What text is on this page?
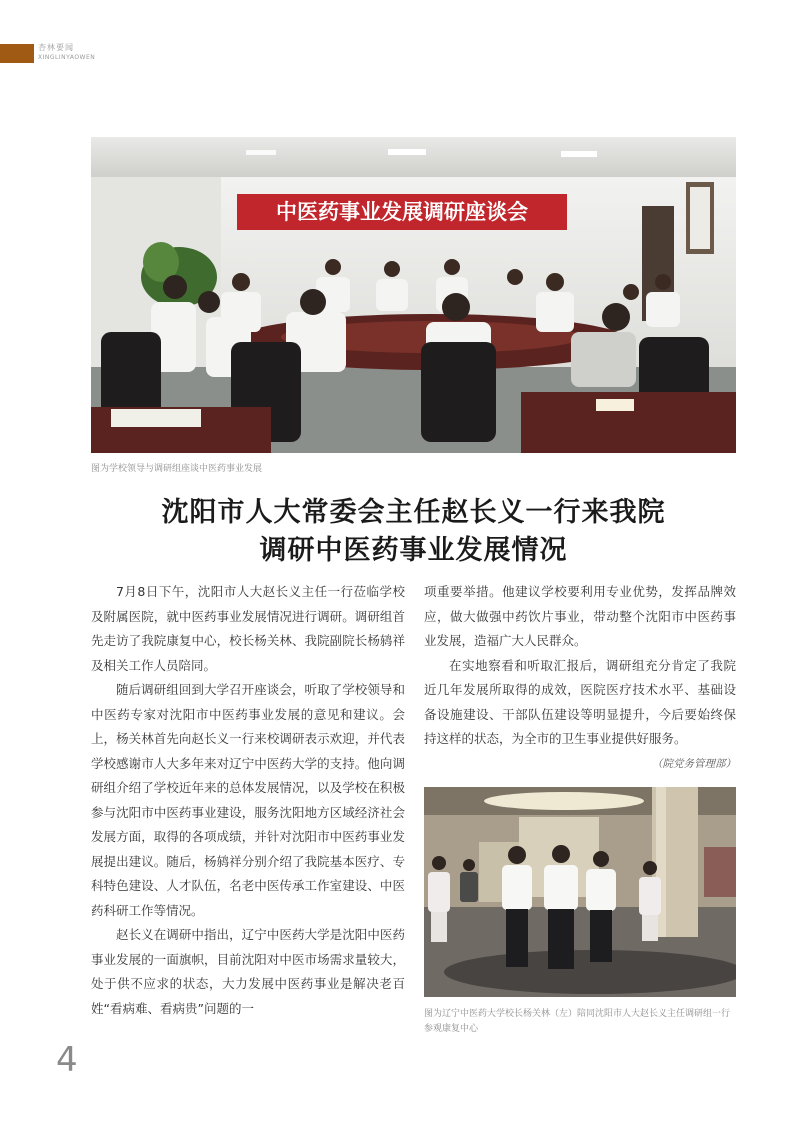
杏林要闻
XINGLINYAOWEN
中医药事业发展调研座谈会
图为学校领导与调研组座谈中医药事业发展
沈阳市人大常委会主任赵长义一行来我院
调研中医药事业发展情况

7月8日下午，沈阳市人大赵长义主任一行莅临学校及附属医院，就中医药事业发展情况进行调研。调研组首先走访了我院康复中心，校长杨关林、我院副院长杨鸫祥及相关工作人员陪同。

随后调研组回到大学召开座谈会，听取了学校领导和中医药专家对沈阳市中医药事业发展的意见和建议。会上，杨关林首先向赵长义一行来校调研表示欢迎，并代表学校感谢市人大多年来对辽宁中医药大学的支持。他向调研组介绍了学校近年来的总体发展情况，以及学校在积极参与沈阳市中医药事业建设，服务沈阳地方区域经济社会发展方面，取得的各项成绩，并针对沈阳市中医药事业发展提出建议。随后，杨鸫祥分别介绍了我院基本医疗、专科特色建设、人才队伍，名老中医传承工作室建设、中医药科研工作等情况。

赵长义在调研中指出，辽宁中医药大学是沈阳中医药事业发展的一面旗帜，目前沈阳对中医市场需求量较大，处于供不应求的状态，大力发展中医药事业是解决老百姓“看病难、看病贵”问题的一

项重要举措。他建议学校要利用专业优势，发挥品牌效应，做大做强中药饮片事业，带动整个沈阳市中医药事业发展，造福广大人民群众。

在实地察看和听取汇报后，调研组充分肯定了我院近几年发展所取得的成效，医院医疗技术水平、基础设备设施建设、干部队伍建设等明显提升，今后要始终保持这样的状态，为全市的卫生事业提供好服务。

（院党务管理部）

图为辽宁中医药大学校长杨关林（左）陪同沈阳市人大赵长义主任调研组一行参观康复中心
4
